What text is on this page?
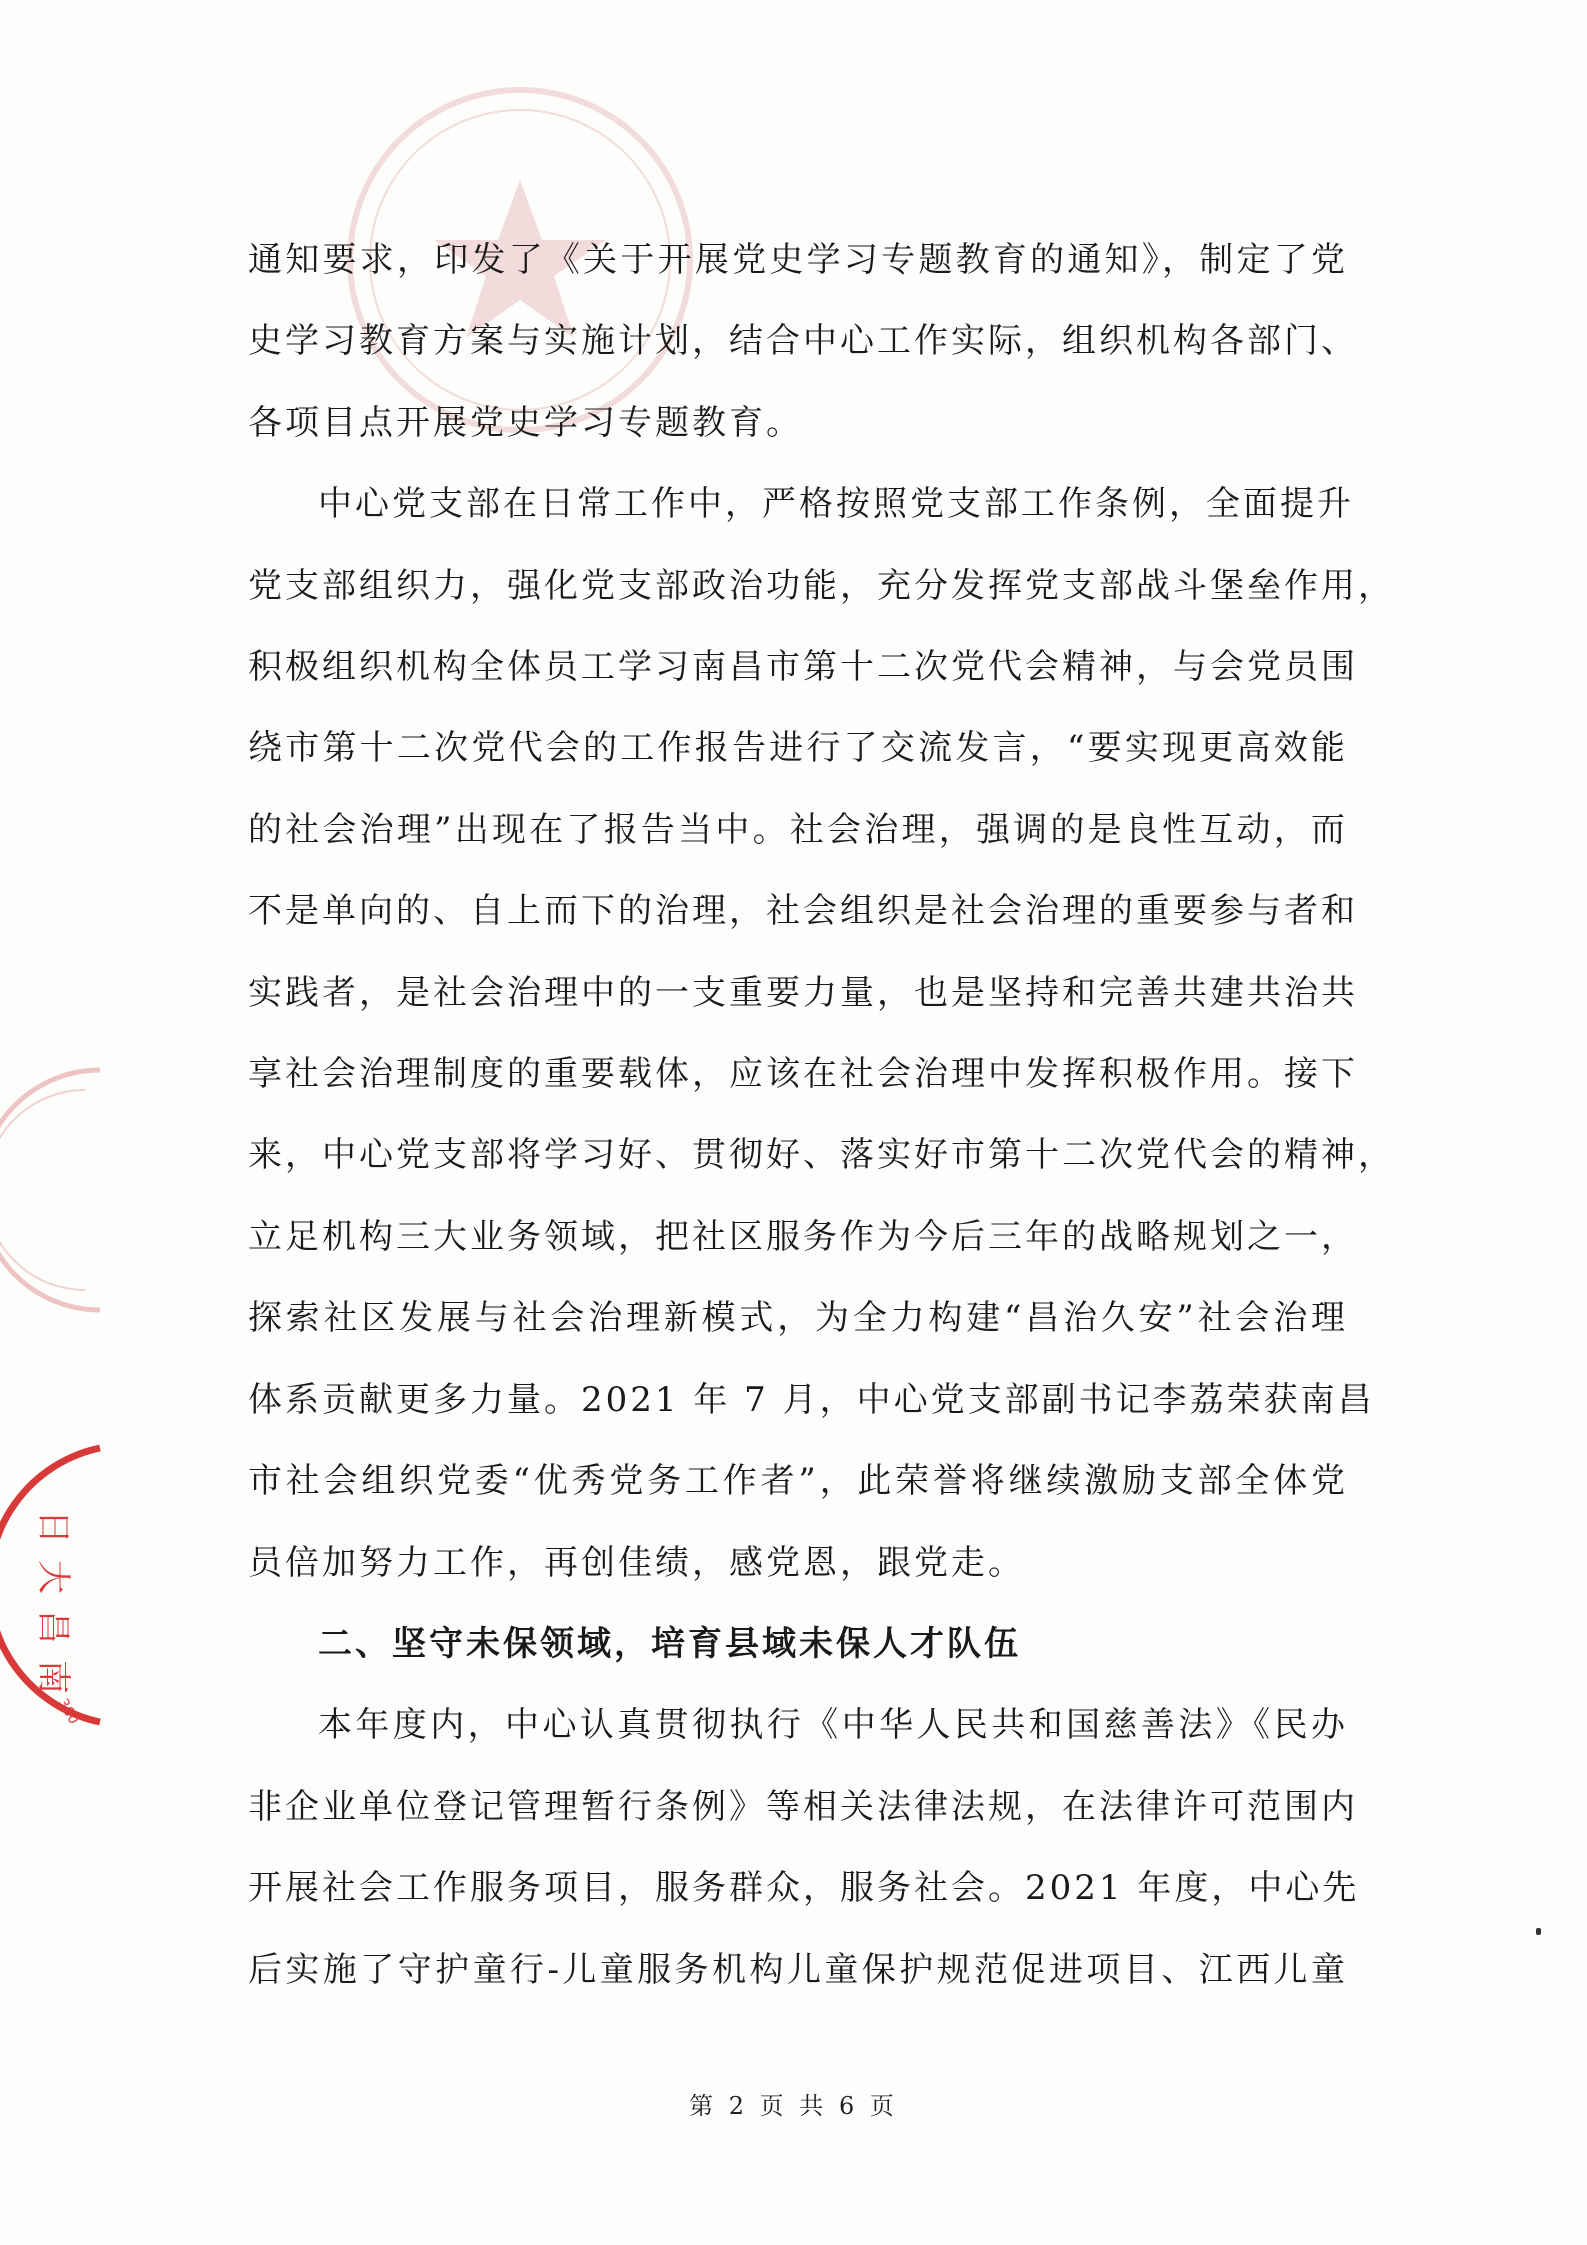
日
大
昌
南
360

通知要求，印发了《关于开展党史学习专题教育的通知》，制定了党
史学习教育方案与实施计划，结合中心工作实际，组织机构各部门、
各项目点开展党史学习专题教育。

中心党支部在日常工作中，严格按照党支部工作条例，全面提升
党支部组织力，强化党支部政治功能，充分发挥党支部战斗堡垒作用，
积极组织机构全体员工学习南昌市第十二次党代会精神，与会党员围
绕市第十二次党代会的工作报告进行了交流发言，“要实现更高效能
的社会治理”出现在了报告当中。社会治理，强调的是良性互动，而
不是单向的、自上而下的治理，社会组织是社会治理的重要参与者和
实践者，是社会治理中的一支重要力量，也是坚持和完善共建共治共
享社会治理制度的重要载体，应该在社会治理中发挥积极作用。接下
来，中心党支部将学习好、贯彻好、落实好市第十二次党代会的精神，
立足机构三大业务领域，把社区服务作为今后三年的战略规划之一，
探索社区发展与社会治理新模式，为全力构建“昌治久安”社会治理
体系贡献更多力量。2021 年 7 月，中心党支部副书记李荔荣获南昌
市社会组织党委“优秀党务工作者”，此荣誉将继续激励支部全体党
员倍加努力工作，再创佳绩，感党恩，跟党走。

二、坚守未保领域，培育县域未保人才队伍

本年度内，中心认真贯彻执行《中华人民共和国慈善法》《民办
非企业单位登记管理暂行条例》等相关法律法规，在法律许可范围内
开展社会工作服务项目，服务群众，服务社会。2021 年度，中心先
后实施了守护童行-儿童服务机构儿童保护规范促进项目、江西儿童

第 2 页 共 6 页
